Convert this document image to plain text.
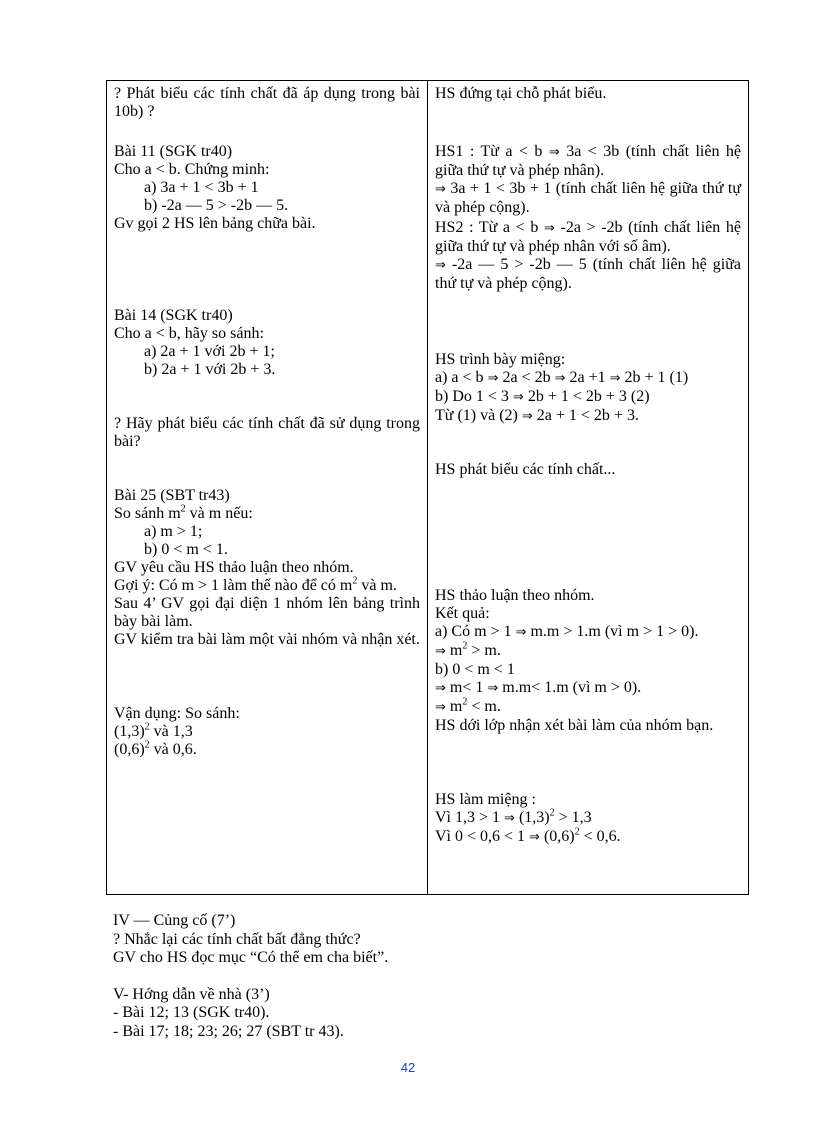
? Phát biểu các tính chất đã áp dụng trong bài 10b) ?
Bài 11 (SGK tr40)
Cho a < b. Chứng minh:
a) 3a + 1 < 3b + 1
b) -2a — 5 > -2b — 5.
Gv gọi 2 HS lên bảng chữa bài.
Bài 14 (SGK tr40)
Cho a < b, hãy so sánh:
a) 2a + 1 với 2b + 1;
b) 2a + 1 với 2b + 3.
? Hãy phát biểu các tính chất đã sử dụng trong bài?
Bài 25 (SBT tr43)
So sánh $m^2$ và m nếu:
a) m > 1;
b) 0 < m < 1.
GV yêu cầu HS thảo luận theo nhóm.
Gợi ý: Có m > 1 làm thế nào để có $m^2$ và m.
Sau 4’ GV gọi đại diện 1 nhóm lên bảng trình bày bài làm.
GV kiểm tra bài làm một vài nhóm và nhận xét.
Vận dụng: So sánh:
$(1,3)^2$ và 1,3
$(0,6)^2$ và 0,6.
HS đứng tại chỗ phát biểu.
HS1 : Từ a < b ⇒ 3a < 3b (tính chất liên hệ giữa thứ tự và phép nhân).
⇒ 3a + 1 < 3b + 1 (tính chất liên hệ giữa thứ tự và phép cộng).
HS2 : Từ a < b ⇒ -2a > -2b (tính chất liên hệ giữa thứ tự và phép nhân với số âm).
⇒ -2a — 5 > -2b — 5 (tính chất liên hệ giữa thứ tự và phép cộng).
HS trình bày miệng:
a) a < b ⇒ 2a < 2b ⇒ 2a +1 ⇒ 2b + 1 (1)
b) Do 1 < 3 ⇒ 2b + 1 < 2b + 3 (2)
Từ (1) và (2) ⇒ 2a + 1 < 2b + 3.
HS phát biểu các tính chất...
HS thảo luận theo nhóm.
Kết quả:
a) Có m > 1 ⇒ m.m > 1.m (vì m > 1 > 0).
⇒ $m^2 > m$.
b) 0 < m < 1
⇒ m< 1 ⇒ m.m< 1.m (vì m > 0).
⇒ $m^2 < m$.
HS dới lớp nhận xét bài làm của nhóm bạn.
HS làm miệng :
Vì 1,3 > 1 ⇒ $(1,3)^2 > 1,3$
Vì 0 < 0,6 < 1 ⇒ $(0,6)^2 < 0,6$.
IV — Củng cố (7’)
? Nhắc lại các tính chất bất đẳng thức?
GV cho HS đọc mục “Có thể em cha biết”.
V- Hớng dẫn về nhà (3’)
- Bài 12; 13 (SGK tr40).
- Bài 17; 18; 23; 26; 27 (SBT tr 43).
42
